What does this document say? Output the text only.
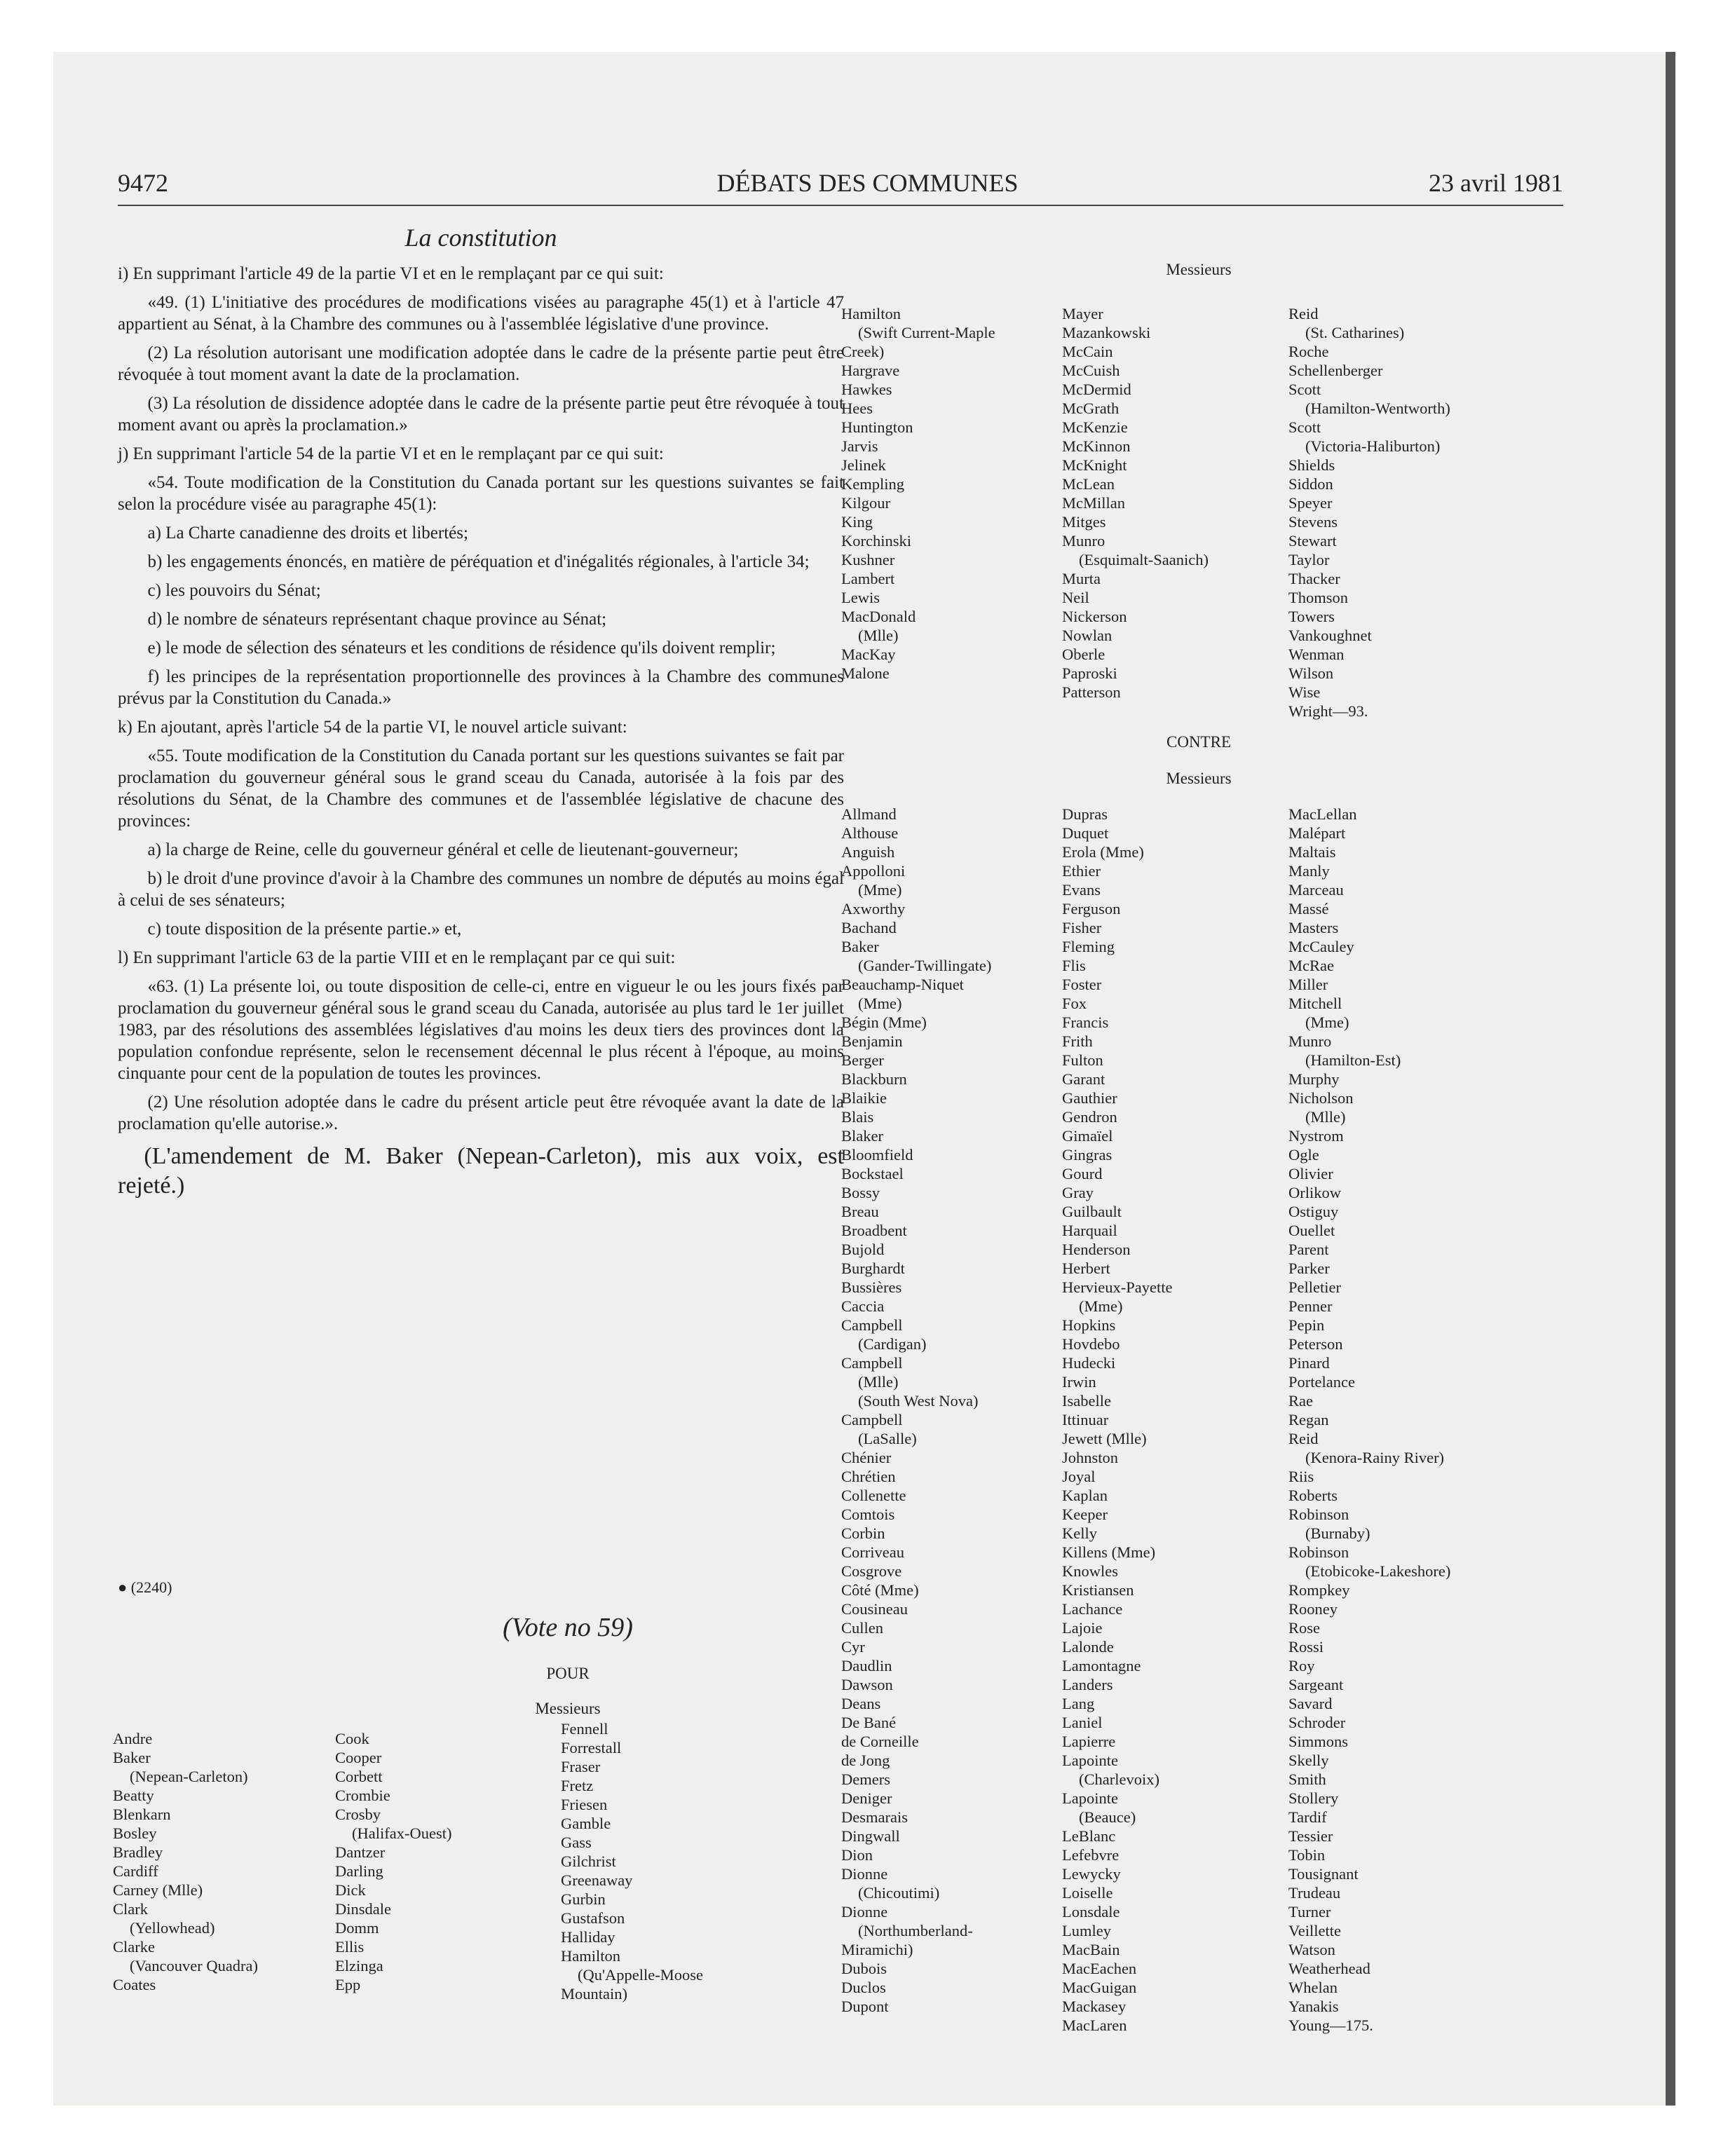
9472	DÉBATS DES COMMUNES	23 avril 1981
La constitution

i) En supprimant l'article 49 de la partie VI et en le remplaçant par ce qui suit:

«49. (1) L'initiative des procédures de modifications visées au paragraphe 45(1) et à l'article 47 appartient au Sénat, à la Chambre des communes ou à l'assemblée législative d'une province.

(2) La résolution autorisant une modification adoptée dans le cadre de la présente partie peut être révoquée à tout moment avant la date de la proclamation.

(3) La résolution de dissidence adoptée dans le cadre de la présente partie peut être révoquée à tout moment avant ou après la proclamation.»

j) En supprimant l'article 54 de la partie VI et en le remplaçant par ce qui suit:

«54. Toute modification de la Constitution du Canada portant sur les questions suivantes se fait selon la procédure visée au paragraphe 45(1):

a) La Charte canadienne des droits et libertés;

b) les engagements énoncés, en matière de péréquation et d'inégalités régionales, à l'article 34;

c) les pouvoirs du Sénat;

d) le nombre de sénateurs représentant chaque province au Sénat;

e) le mode de sélection des sénateurs et les conditions de résidence qu'ils doivent remplir;

f) les principes de la représentation proportionnelle des provinces à la Chambre des communes prévus par la Constitution du Canada.»

k) En ajoutant, après l'article 54 de la partie VI, le nouvel article suivant:

«55. Toute modification de la Constitution du Canada portant sur les questions suivantes se fait par proclamation du gouverneur général sous le grand sceau du Canada, autorisée à la fois par des résolutions du Sénat, de la Chambre des communes et de l'assemblée législative de chacune des provinces:

a) la charge de Reine, celle du gouverneur général et celle de lieutenant-gouverneur;

b) le droit d'une province d'avoir à la Chambre des communes un nombre de députés au moins égal à celui de ses sénateurs;

c) toute disposition de la présente partie.» et,

l) En supprimant l'article 63 de la partie VIII et en le remplaçant par ce qui suit:

«63. (1) La présente loi, ou toute disposition de celle-ci, entre en vigueur le ou les jours fixés par proclamation du gouverneur général sous le grand sceau du Canada, autorisée au plus tard le 1er juillet 1983, par des résolutions des assemblées législatives d'au moins les deux tiers des provinces dont la population confondue représente, selon le recensement décennal le plus récent à l'époque, au moins cinquante pour cent de la population de toutes les provinces.

(2) Une résolution adoptée dans le cadre du présent article peut être révoquée avant la date de la proclamation qu'elle autorise.».

(L'amendement de M. Baker (Nepean-Carleton), mis aux voix, est rejeté.)

● (2240)
(Vote no 59)
POUR
Messieurs
Messieurs
CONTRE
Messieurs
Andre
Baker
(Nepean-Carleton)
Beatty
Blenkarn
Bosley
Bradley
Cardiff
Carney (Mlle)
Clark
(Yellowhead)
Clarke
(Vancouver Quadra)
Coates
Cook
Cooper
Corbett
Crombie
Crosby
(Halifax-Ouest)
Dantzer
Darling
Dick
Dinsdale
Domm
Ellis
Elzinga
Epp
Fennell
Forrestall
Fraser
Fretz
Friesen
Gamble
Gass
Gilchrist
Greenaway
Gurbin
Gustafson
Halliday
Hamilton
(Qu'Appelle-Moose
Mountain)
Hamilton
(Swift Current-Maple
Creek)
Hargrave
Hawkes
Hees
Huntington
Jarvis
Jelinek
Kempling
Kilgour
King
Korchinski
Kushner
Lambert
Lewis
MacDonald
(Mlle)
MacKay
Malone
Mayer
Mazankowski
McCain
McCuish
McDermid
McGrath
McKenzie
McKinnon
McKnight
McLean
McMillan
Mitges
Munro
(Esquimalt-Saanich)
Murta
Neil
Nickerson
Nowlan
Oberle
Paproski
Patterson
Reid
(St. Catharines)
Roche
Schellenberger
Scott
(Hamilton-Wentworth)
Scott
(Victoria-Haliburton)
Shields
Siddon
Speyer
Stevens
Stewart
Taylor
Thacker
Thomson
Towers
Vankoughnet
Wenman
Wilson
Wise
Wright—93.
Allmand
Althouse
Anguish
Appolloni
(Mme)
Axworthy
Bachand
Baker
(Gander-Twillingate)
Beauchamp-Niquet
(Mme)
Bégin (Mme)
Benjamin
Berger
Blackburn
Blaikie
Blais
Blaker
Bloomfield
Bockstael
Bossy
Breau
Broadbent
Bujold
Burghardt
Bussières
Caccia
Campbell
(Cardigan)
Campbell
(Mlle)
(South West Nova)
Campbell
(LaSalle)
Chénier
Chrétien
Collenette
Comtois
Corbin
Corriveau
Cosgrove
Côté (Mme)
Cousineau
Cullen
Cyr
Daudlin
Dawson
Deans
De Bané
de Corneille
de Jong
Demers
Deniger
Desmarais
Dingwall
Dion
Dionne
(Chicoutimi)
Dionne
(Northumberland-
Miramichi)
Dubois
Duclos
Dupont
Dupras
Duquet
Erola (Mme)
Ethier
Evans
Ferguson
Fisher
Fleming
Flis
Foster
Fox
Francis
Frith
Fulton
Garant
Gauthier
Gendron
Gimaïel
Gingras
Gourd
Gray
Guilbault
Harquail
Henderson
Herbert
Hervieux-Payette
(Mme)
Hopkins
Hovdebo
Hudecki
Irwin
Isabelle
Ittinuar
Jewett (Mlle)
Johnston
Joyal
Kaplan
Keeper
Kelly
Killens (Mme)
Knowles
Kristiansen
Lachance
Lajoie
Lalonde
Lamontagne
Landers
Lang
Laniel
Lapierre
Lapointe
(Charlevoix)
Lapointe
(Beauce)
LeBlanc
Lefebvre
Lewycky
Loiselle
Lonsdale
Lumley
MacBain
MacEachen
MacGuigan
Mackasey
MacLaren
MacLellan
Malépart
Maltais
Manly
Marceau
Massé
Masters
McCauley
McRae
Miller
Mitchell
(Mme)
Munro
(Hamilton-Est)
Murphy
Nicholson
(Mlle)
Nystrom
Ogle
Olivier
Orlikow
Ostiguy
Ouellet
Parent
Parker
Pelletier
Penner
Pepin
Peterson
Pinard
Portelance
Rae
Regan
Reid
(Kenora-Rainy River)
Riis
Roberts
Robinson
(Burnaby)
Robinson
(Etobicoke-Lakeshore)
Rompkey
Rooney
Rose
Rossi
Roy
Sargeant
Savard
Schroder
Simmons
Skelly
Smith
Stollery
Tardif
Tessier
Tobin
Tousignant
Trudeau
Turner
Veillette
Watson
Weatherhead
Whelan
Yanakis
Young—175.
